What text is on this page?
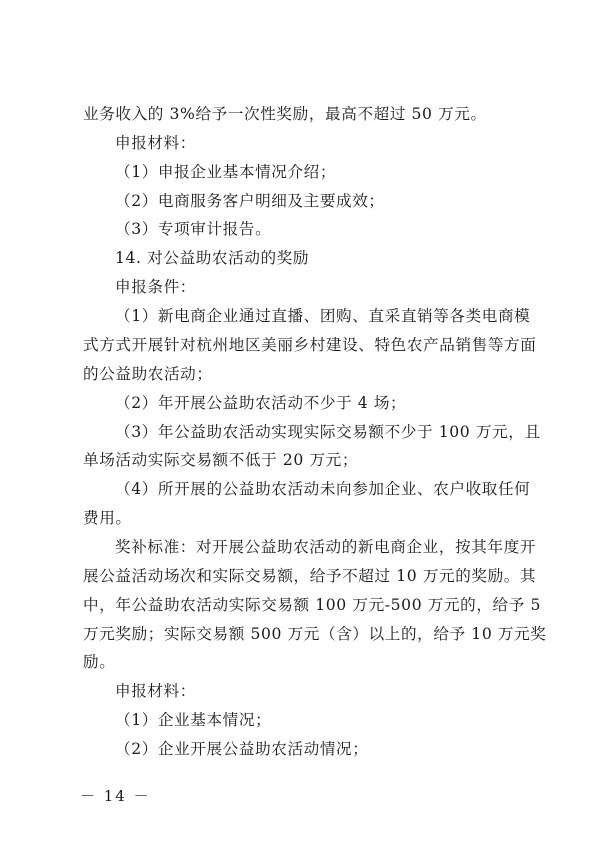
业务收入的 3%给予一次性奖励，最高不超过 50 万元。
申报材料：
（1）申报企业基本情况介绍；
（2）电商服务客户明细及主要成效；
（3）专项审计报告。
14. 对公益助农活动的奖励
申报条件：
（1）新电商企业通过直播、团购、直采直销等各类电商模
式方式开展针对杭州地区美丽乡村建设、特色农产品销售等方面
的公益助农活动；
（2）年开展公益助农活动不少于 4 场；
（3）年公益助农活动实现实际交易额不少于 100 万元，且
单场活动实际交易额不低于 20 万元；
（4）所开展的公益助农活动未向参加企业、农户收取任何
费用。
奖补标准：对开展公益助农活动的新电商企业，按其年度开
展公益活动场次和实际交易额，给予不超过 10 万元的奖励。其
中，年公益助农活动实际交易额 100 万元-500 万元的，给予 5
万元奖励；实际交易额 500 万元（含）以上的，给予 10 万元奖
励。
申报材料：
（1）企业基本情况；
（2）企业开展公益助农活动情况；
－ 14 －
